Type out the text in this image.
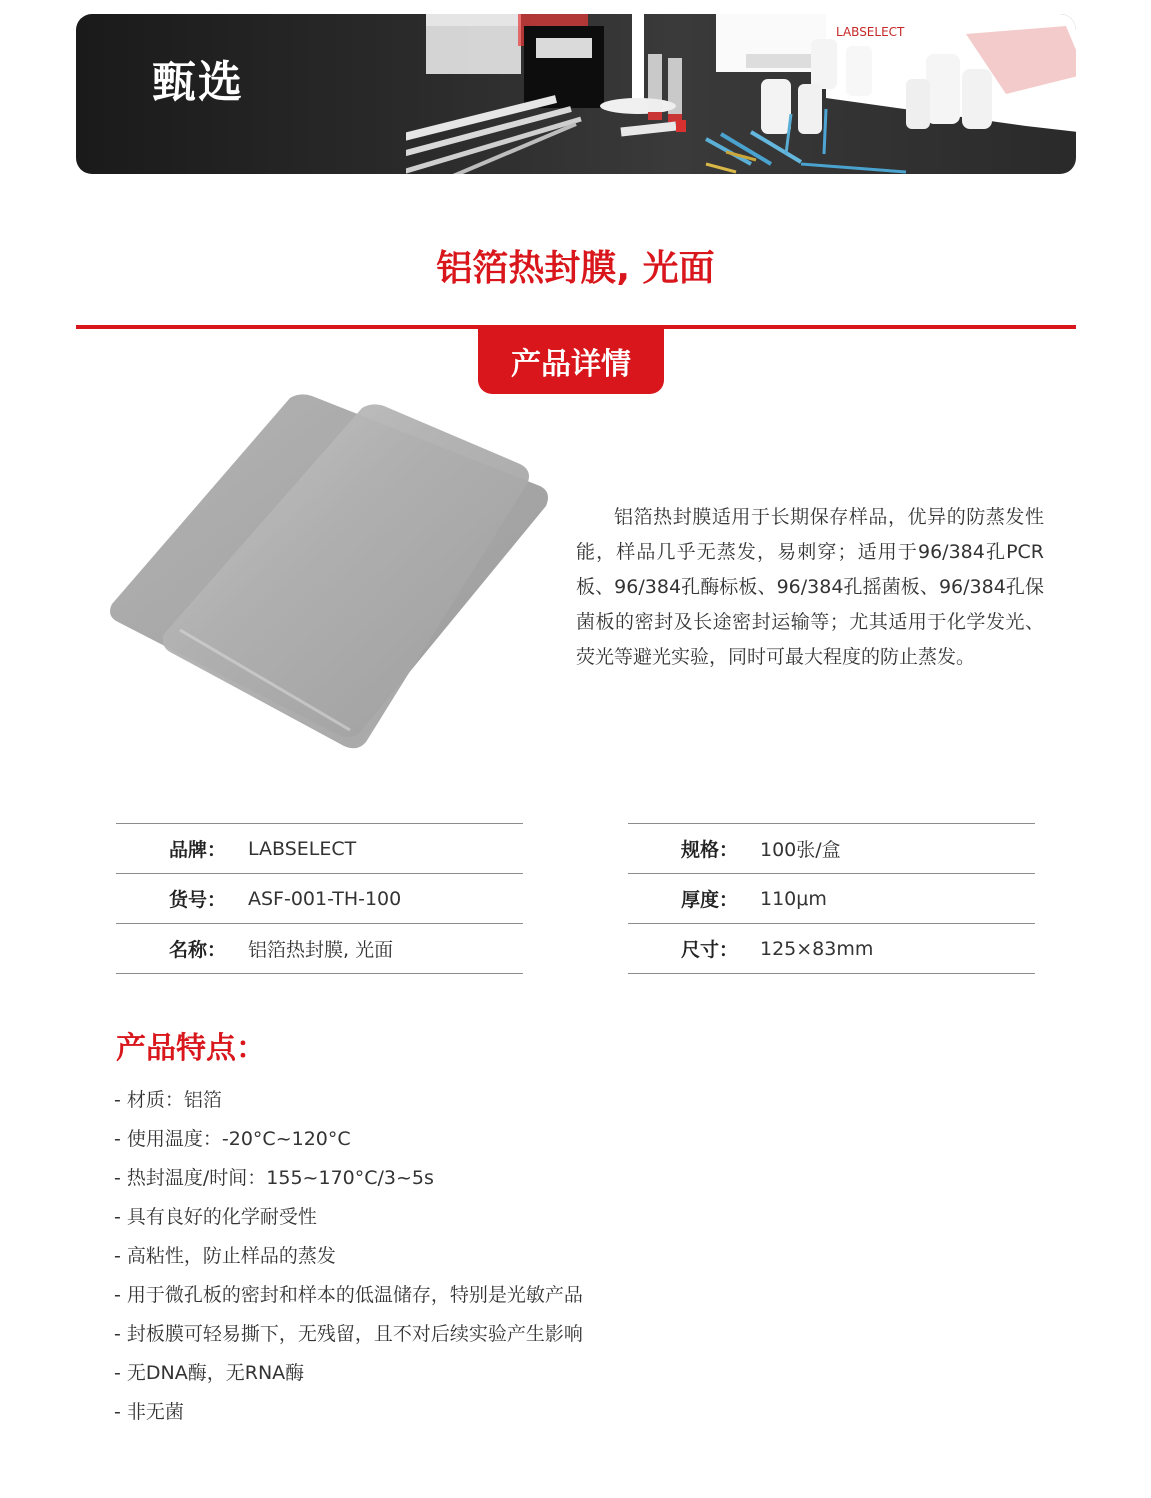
甄选
LABSELECT
铝箔热封膜, 光面
产品详情
铝箔热封膜适用于长期保存样品，优异的防蒸发性能，样品几乎无蒸发，易刺穿；适用于96/384孔PCR板、96/384孔酶标板、96/384孔摇菌板、96/384孔保菌板的密封及长途密封运输等；尤其适用于化学发光、荧光等避光实验，同时可最大程度的防止蒸发。
品牌：	LABSELECT
货号：	ASF-001-TH-100
名称：	铝箔热封膜, 光面
规格：	100张/盒
厚度：	110μm
尺寸：	125×83mm
产品特点：
- 材质：铝箔
- 使用温度：-20°C~120°C
- 热封温度/时间：155~170°C/3~5s
- 具有良好的化学耐受性
- 高粘性，防止样品的蒸发
- 用于微孔板的密封和样本的低温储存，特别是光敏产品
- 封板膜可轻易撕下，无残留，且不对后续实验产生影响
- 无DNA酶，无RNA酶
- 非无菌
